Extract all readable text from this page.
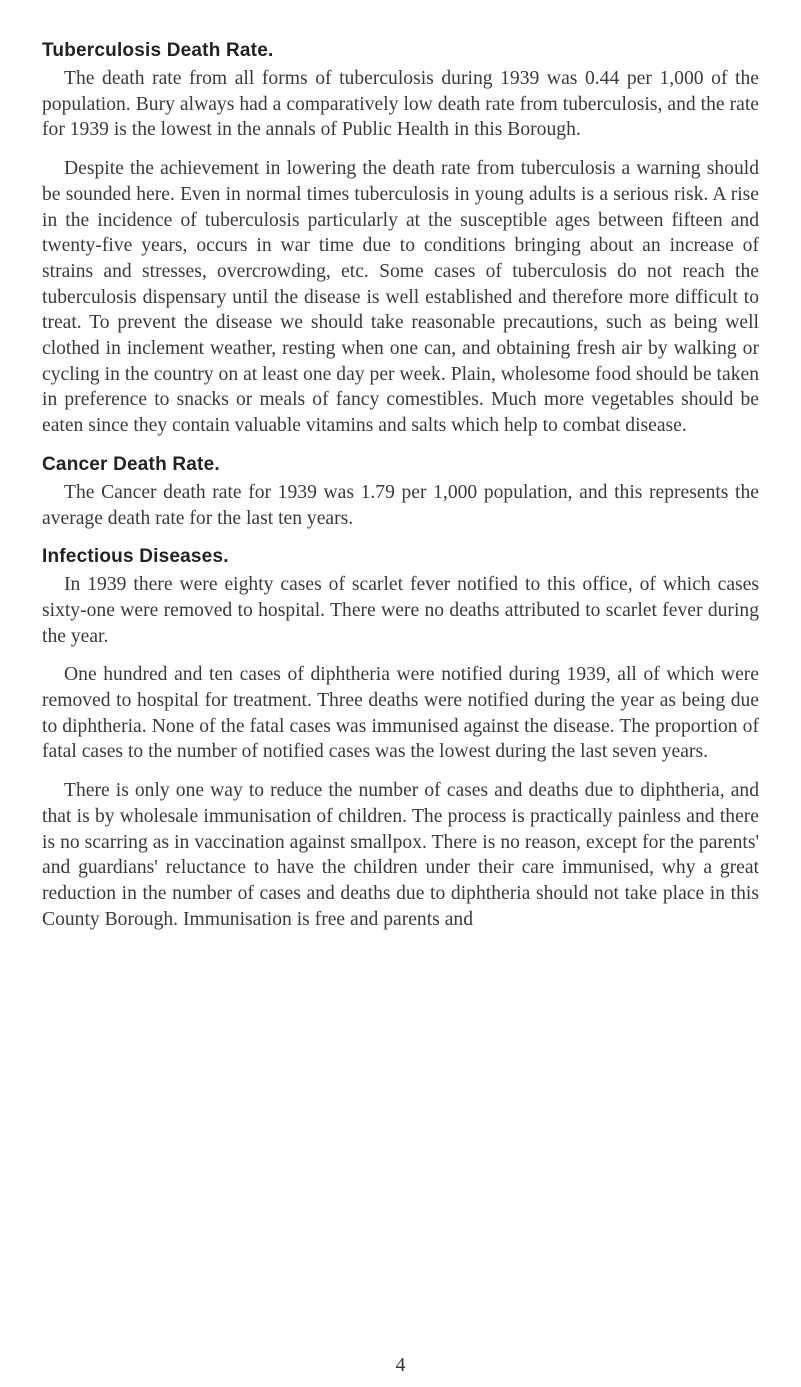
Tuberculosis Death Rate.

The death rate from all forms of tuberculosis during 1939 was 0.44 per 1,000 of the population. Bury always had a comparatively low death rate from tuberculosis, and the rate for 1939 is the lowest in the annals of Public Health in this Borough.

Despite the achievement in lowering the death rate from tuberculosis a warning should be sounded here. Even in normal times tuberculosis in young adults is a serious risk. A rise in the incidence of tuberculosis particularly at the susceptible ages between fifteen and twenty-five years, occurs in war time due to conditions bringing about an increase of strains and stresses, overcrowding, etc. Some cases of tuberculosis do not reach the tuberculosis dispensary until the disease is well established and therefore more difficult to treat. To prevent the disease we should take reasonable precautions, such as being well clothed in inclement weather, resting when one can, and obtaining fresh air by walking or cycling in the country on at least one day per week. Plain, wholesome food should be taken in preference to snacks or meals of fancy comestibles. Much more vegetables should be eaten since they contain valuable vitamins and salts which help to combat disease.

Cancer Death Rate.

The Cancer death rate for 1939 was 1.79 per 1,000 population, and this represents the average death rate for the last ten years.

Infectious Diseases.

In 1939 there were eighty cases of scarlet fever notified to this office, of which cases sixty-one were removed to hospital. There were no deaths attributed to scarlet fever during the year.

One hundred and ten cases of diphtheria were notified during 1939, all of which were removed to hospital for treatment. Three deaths were notified during the year as being due to diphtheria. None of the fatal cases was immunised against the disease. The proportion of fatal cases to the number of notified cases was the lowest during the last seven years.

There is only one way to reduce the number of cases and deaths due to diphtheria, and that is by wholesale immunisation of children. The process is practically painless and there is no scarring as in vaccination against smallpox. There is no reason, except for the parents' and guardians' reluctance to have the children under their care immunised, why a great reduction in the number of cases and deaths due to diphtheria should not take place in this County Borough. Immunisation is free and parents and

4
